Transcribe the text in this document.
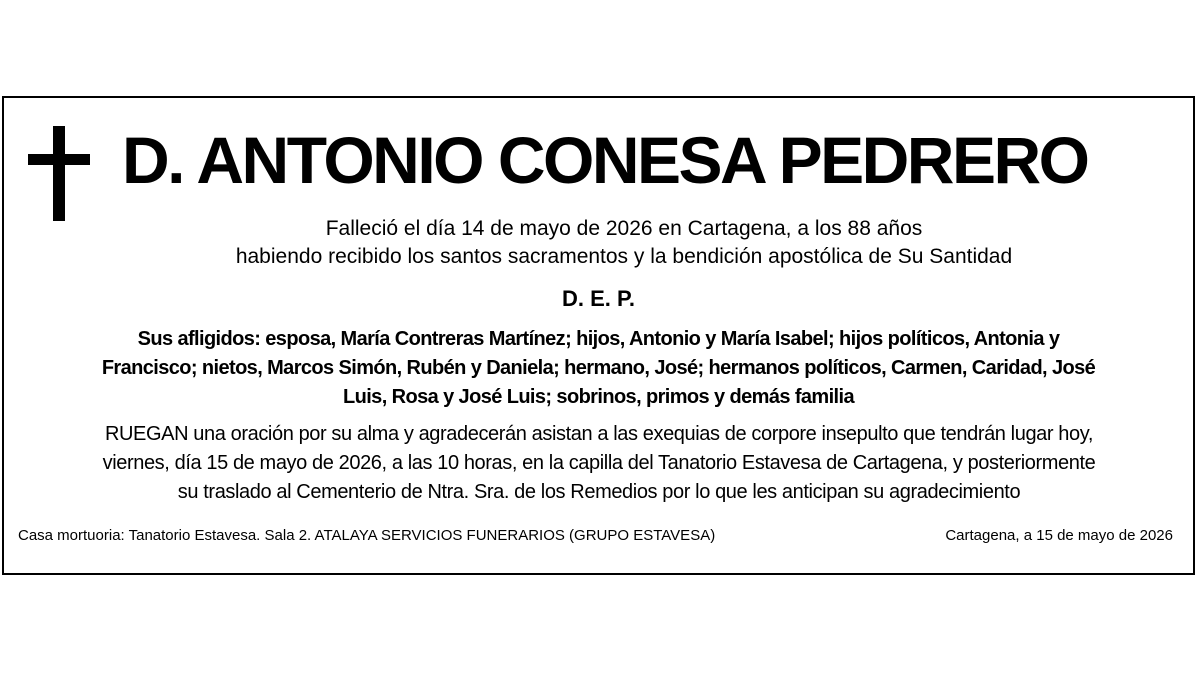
D. ANTONIO CONESA PEDRERO
Falleció el día 14 de mayo de 2026 en Cartagena, a los 88 años
habiendo recibido los santos sacramentos y la bendición apostólica de Su Santidad
D. E. P.
Sus afligidos: esposa, María Contreras Martínez; hijos, Antonio y María Isabel; hijos políticos, Antonia y
Francisco; nietos, Marcos Simón, Rubén y Daniela; hermano, José; hermanos políticos, Carmen, Caridad, José
Luis, Rosa y José Luis; sobrinos, primos y demás familia
RUEGAN una oración por su alma y agradecerán asistan a las exequias de corpore insepulto que tendrán lugar hoy,
viernes, día 15 de mayo de 2026, a las 10 horas, en la capilla del Tanatorio Estavesa de Cartagena, y posteriormente
su traslado al Cementerio de Ntra. Sra. de los Remedios por lo que les anticipan su agradecimiento
Casa mortuoria: Tanatorio Estavesa. Sala 2. ATALAYA SERVICIOS FUNERARIOS (GRUPO ESTAVESA)	Cartagena, a 15 de mayo de 2026
